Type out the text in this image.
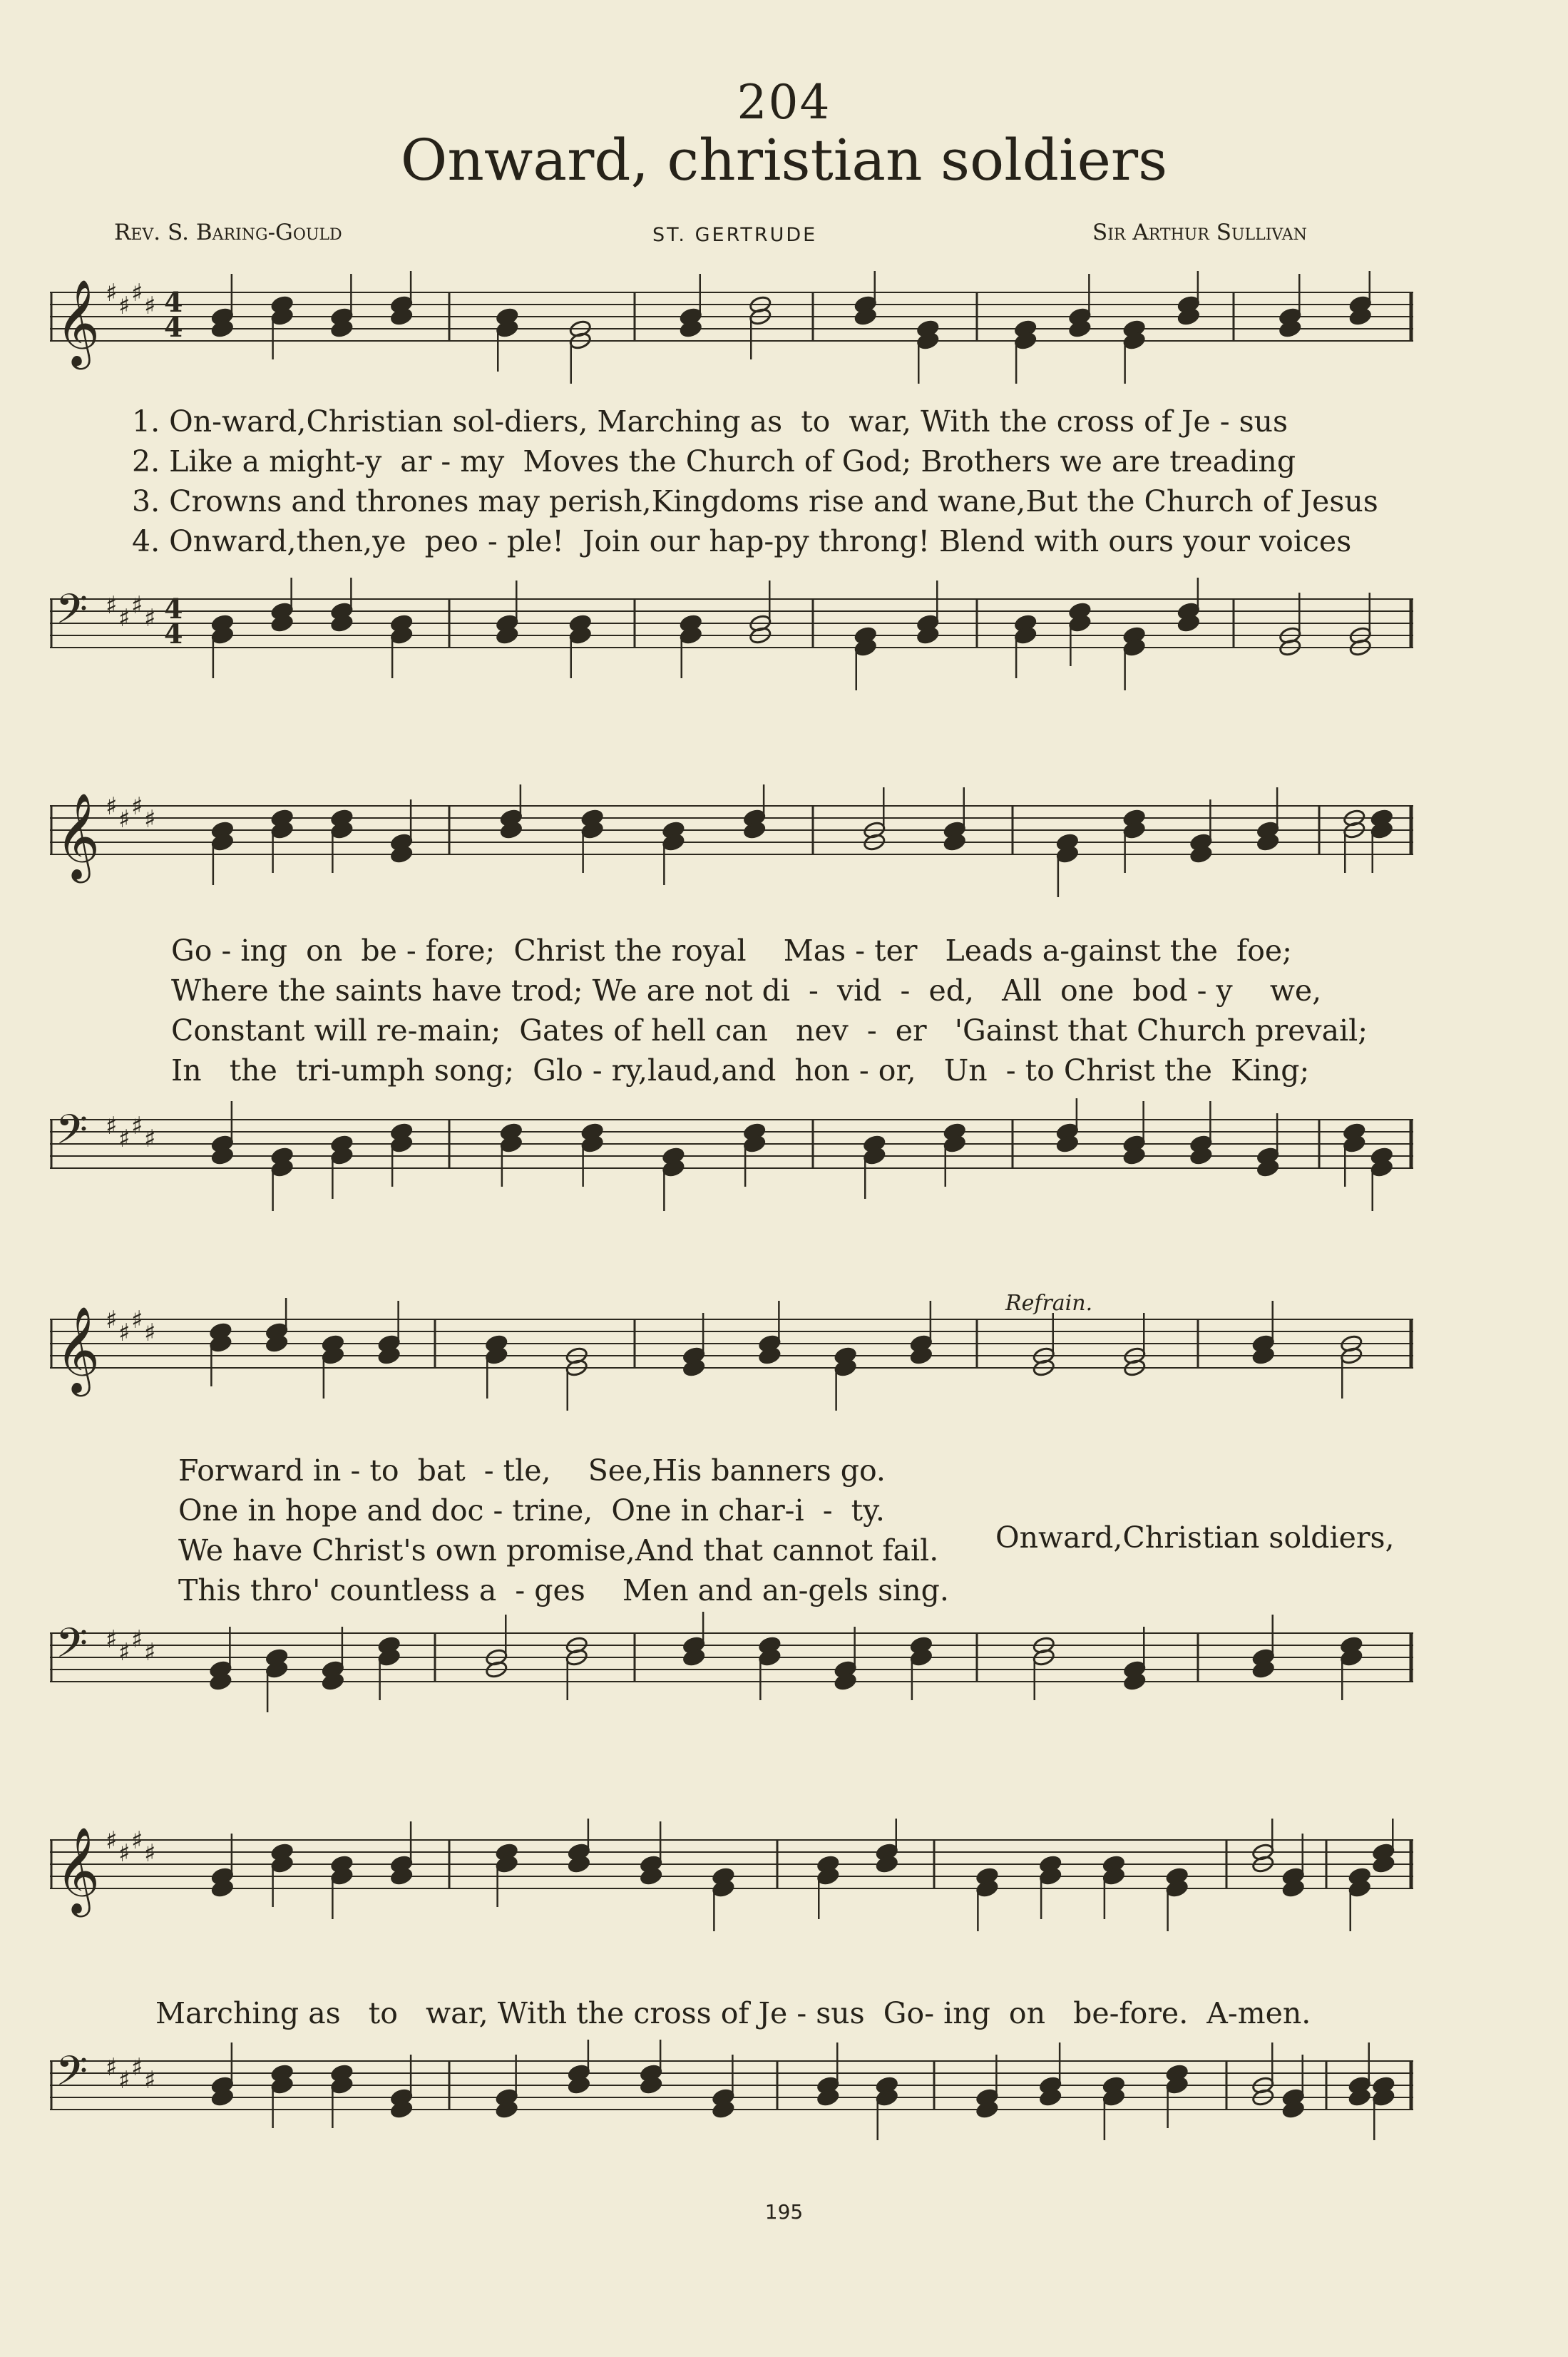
204
Onward, christian soldiers
Rev. S. Baring-Gould	ST. GERTRUDE	Sir Arthur Sullivan
𝄞 ♯ ♯ ♯ ♯ 4
4
1. On-ward,Christian sol-diers, Marching as  to  war, With the cross of Je - sus
2. Like a might-y  ar - my  Moves the Church of God; Brothers we are treading
3. Crowns and thrones may perish,Kingdoms rise and wane,But the Church of Jesus
4. Onward,then,ye  peo - ple!  Join our hap-py throng! Blend with ours your voices
𝄢 ♯ ♯ ♯ ♯ 4
4
𝄞 ♯ ♯ ♯ ♯
Go - ing  on  be - fore;  Christ the royal    Mas - ter   Leads a-gainst the  foe;
Where the saints have trod; We are not di  -  vid  -  ed,   All  one  bod - y    we,
Constant will re-main;  Gates of hell can   nev  -  er   'Gainst that Church prevail;
In   the  tri-umph song;  Glo - ry,laud,and  hon - or,   Un  - to Christ the  King;
𝄢 ♯ ♯ ♯ ♯
Refrain.
𝄞 ♯ ♯ ♯ ♯
Forward in - to  bat  - tle,    See,His banners go.
One in hope and doc - trine,  One in char-i  -  ty.
We have Christ's own promise,And that cannot fail.
This thro' countless a  - ges    Men and an-gels sing.
Onward,Christian soldiers,
𝄢 ♯ ♯ ♯ ♯
𝄞 ♯ ♯ ♯ ♯
Marching as   to   war, With the cross of Je - sus  Go- ing  on   be-fore.  A-men.
𝄢 ♯ ♯ ♯ ♯
195
